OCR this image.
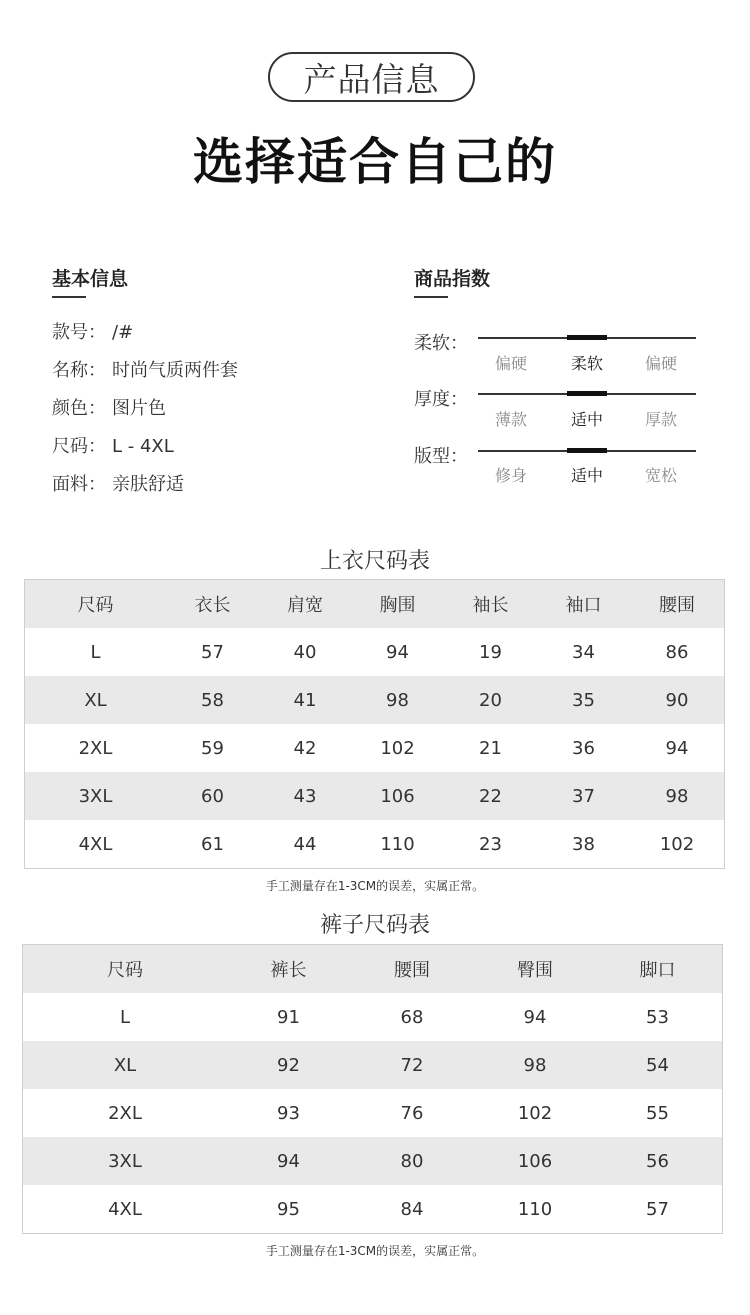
产品信息
选择适合自己的
基本信息
款号： /#
名称： 时尚气质两件套
颜色： 图片色
尺码： L - 4XL
面料： 亲肤舒适
商品指数
柔软：
偏硬	柔软	偏硬
厚度：
薄款	适中	厚款
版型：
修身	适中	宽松
上衣尺码表
尺码	衣长	肩宽	胸围	袖长	袖口	腰围
L	57	40	94	19	34	86
XL	58	41	98	20	35	90
2XL	59	42	102	21	36	94
3XL	60	43	106	22	37	98
4XL	61	44	110	23	38	102
手工测量存在1-3CM的误差，实属正常。
裤子尺码表
尺码	裤长	腰围	臀围	脚口
L	91	68	94	53
XL	92	72	98	54
2XL	93	76	102	55
3XL	94	80	106	56
4XL	95	84	110	57
手工测量存在1-3CM的误差，实属正常。
